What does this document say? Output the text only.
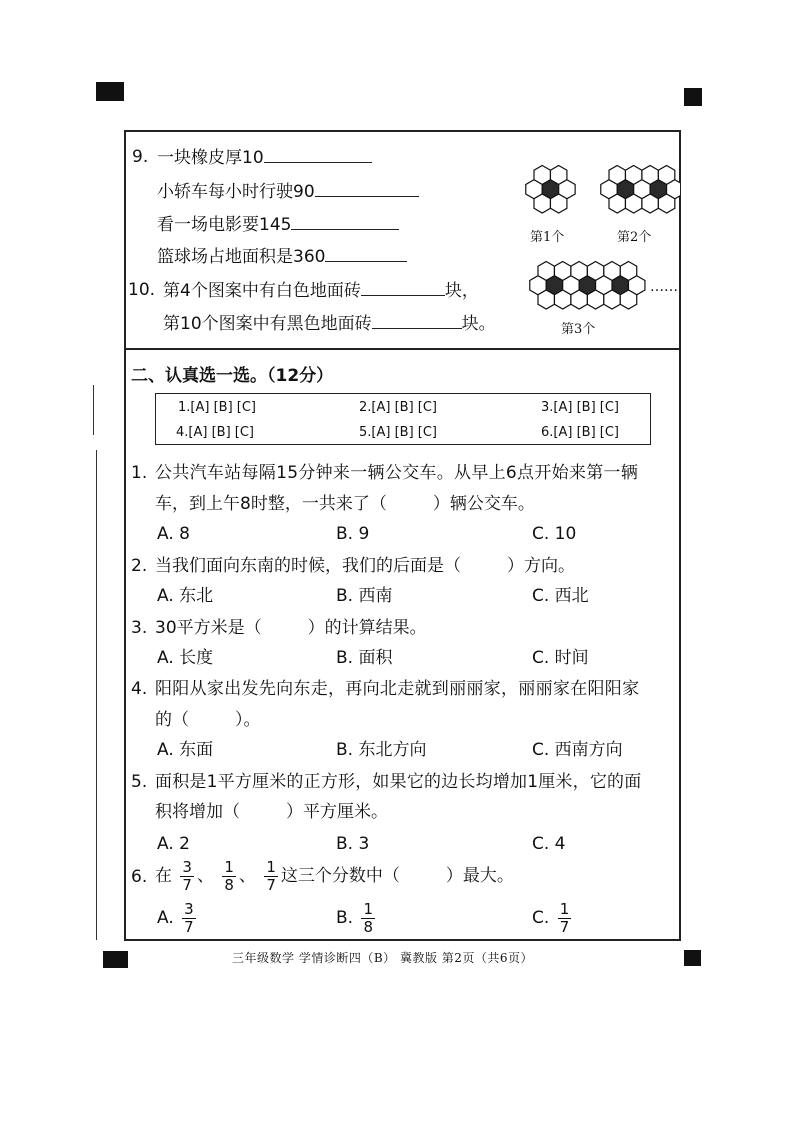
9. 一块橡皮厚10
小轿车每小时行驶90
看一场电影要145
篮球场占地面积是360
10. 第4个图案中有白色地面砖	块，
第10个图案中有黑色地面砖	块。
第1个	第2个
第3个
……
二、认真选一选。（12分）
1.[A] [B] [C]	2.[A] [B] [C]	3.[A] [B] [C]
4.[A] [B] [C]	5.[A] [B] [C]	6.[A] [B] [C]
1. 公共汽车站每隔15分钟来一辆公交车。从早上6点开始来第一辆
车，到上午8时整，一共来了（	）辆公交车。
A. 8	B. 9	C. 10
2. 当我们面向东南的时候，我们的后面是（	）方向。
A. 东北	B. 西南	C. 西北
3. 30平方米是（	）的计算结果。
A. 长度	B. 面积	C. 时间
4. 阳阳从家出发先向东走，再向北走就到丽丽家，丽丽家在阳阳家
的（	）。
A. 东面	B. 东北方向	C. 西南方向
5. 面积是1平方厘米的正方形，如果它的边长均增加1厘米，它的面
积将增加（	）平方厘米。
A. 2	B. 3	C. 4
6. 在 $\frac{3}{7}$ 、 $\frac{1}{8}$ 、 $\frac{1}{7}$ 这三个分数中（	）最大。
A. $\frac{3}{7}$	B. $\frac{1}{8}$	C. $\frac{1}{7}$
三年级数学 学情诊断四（B） 冀教版 第2页（共6页）
